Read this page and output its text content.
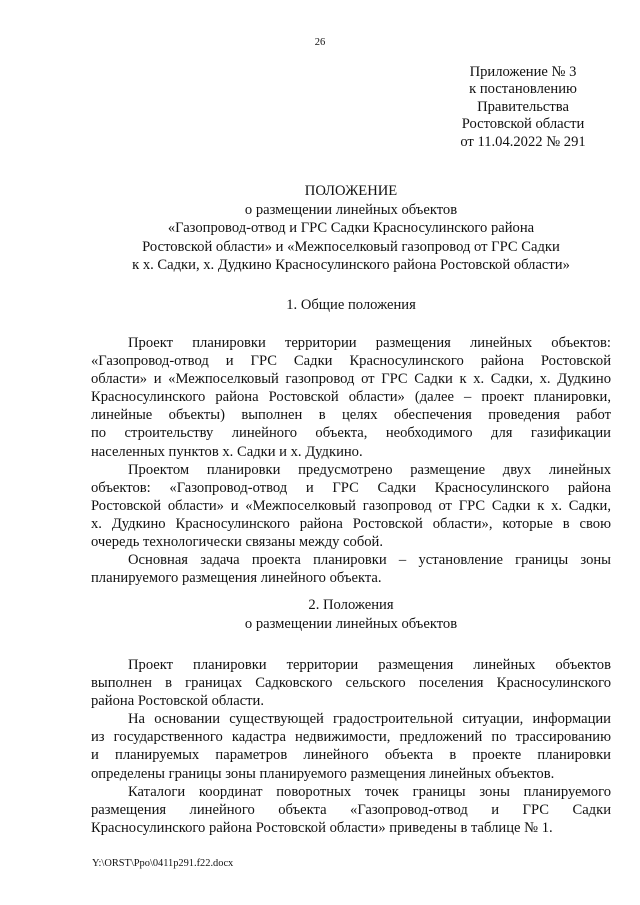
26
Приложение № 3
к постановлению
Правительства
Ростовской области
от 11.04.2022 № 291
ПОЛОЖЕНИЕ
о размещении линейных объектов
«Газопровод-отвод и ГРС Садки Красносулинского района
Ростовской области» и «Межпоселковый газопровод от ГРС Садки
к х. Садки, х. Дудкино Красносулинского района Ростовской области»
1. Общие положения
Проект планировки территории размещения линейных объектов:
«Газопровод-отвод и ГРС Садки Красносулинского района Ростовской
области» и «Межпоселковый газопровод от ГРС Садки к х. Садки, х. Дудкино
Красносулинского района Ростовской области» (далее – проект планировки,
линейные объекты) выполнен в целях обеспечения проведения работ
по строительству линейного объекта, необходимого для газификации
населенных пунктов х. Садки и х. Дудкино.
Проектом планировки предусмотрено размещение двух линейных
объектов: «Газопровод-отвод и ГРС Садки Красносулинского района
Ростовской области» и «Межпоселковый газопровод от ГРС Садки к х. Садки,
х. Дудкино Красносулинского района Ростовской области», которые в свою
очередь технологически связаны между собой.
Основная задача проекта планировки – установление границы зоны
планируемого размещения линейного объекта.
2. Положения
о размещении линейных объектов
Проект планировки территории размещения линейных объектов
выполнен в границах Садковского сельского поселения Красносулинского
района Ростовской области.
На основании существующей градостроительной ситуации, информации
из государственного кадастра недвижимости, предложений по трассированию
и планируемых параметров линейного объекта в проекте планировки
определены границы зоны планируемого размещения линейных объектов.
Каталоги координат поворотных точек границы зоны планируемого
размещения линейного объекта «Газопровод-отвод и ГРС Садки
Красносулинского района Ростовской области» приведены в таблице № 1.
Y:\ORST\Ppo\0411p291.f22.docx
